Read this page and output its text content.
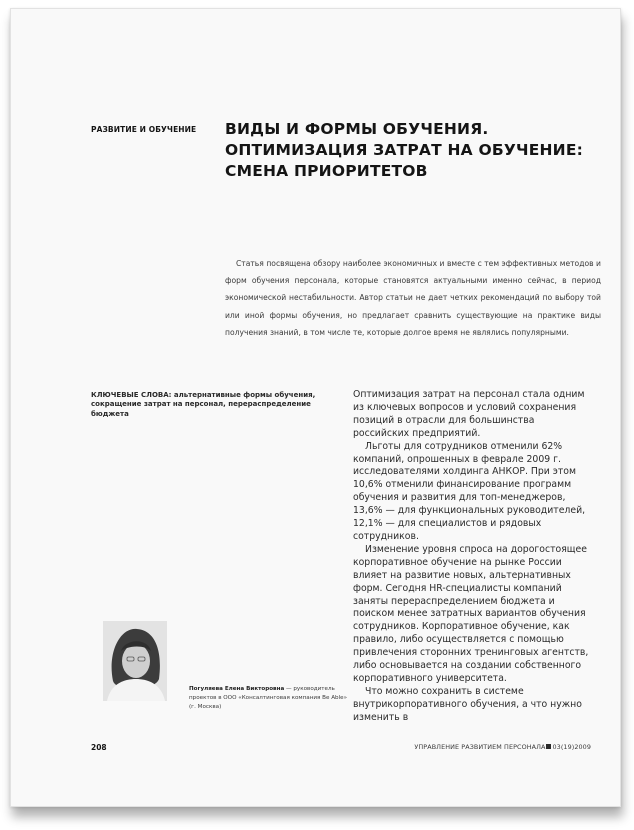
РАЗВИТИЕ И ОБУЧЕНИЕ	ВИДЫ И ФОРМЫ ОБУЧЕНИЯ. ОПТИМИЗАЦИЯ ЗАТРАТ НА ОБУЧЕНИЕ: СМЕНА ПРИОРИТЕТОВ

Статья посвящена обзору наиболее экономичных и вместе с тем эффективных методов и форм обучения персонала, которые становятся актуальными именно сейчас, в период экономической нестабильности. Автор статьи не дает четких рекомендаций по выбору той или иной формы обучения, но предлагает сравнить существующие на практике виды получения знаний, в том числе те, которые долгое время не являлись популярными.

КЛЮЧЕВЫЕ СЛОВА: альтернативные формы обучения, сокращение затрат на персонал, перераспределение бюджета

Оптимизация затрат на персонал стала одним из ключевых вопросов и условий сохранения позиций в отрасли для большинства российских предприятий.

Льготы для сотрудников отменили 62% компаний, опрошенных в феврале 2009 г. исследователями холдинга АНКОР. При этом 10,6% отменили финансирование программ обучения и развития для топ-менеджеров, 13,6% — для функциональных руководителей, 12,1% — для специалистов и рядовых сотрудников.

Изменение уровня спроса на дорогостоящее корпоративное обучение на рынке России влияет на развитие новых, альтернативных форм. Сегодня HR-специалисты компаний заняты перераспределением бюджета и поиском менее затратных вариантов обучения сотрудников. Корпоративное обучение, как правило, либо осуществляется с помощью привлечения сторонних тренинговых агентств, либо основывается на создании собственного корпоративного университета.

Что можно сохранить в системе внутрикорпоративного обучения, а что нужно изменить в

Погуляева Елена Викторовна — руководитель проектов в ООО «Консалтинговая компания Be Able» (г. Москва)
208	УПРАВЛЕНИЕ РАЗВИТИЕМ ПЕРСОНАЛА 03(19)2009
